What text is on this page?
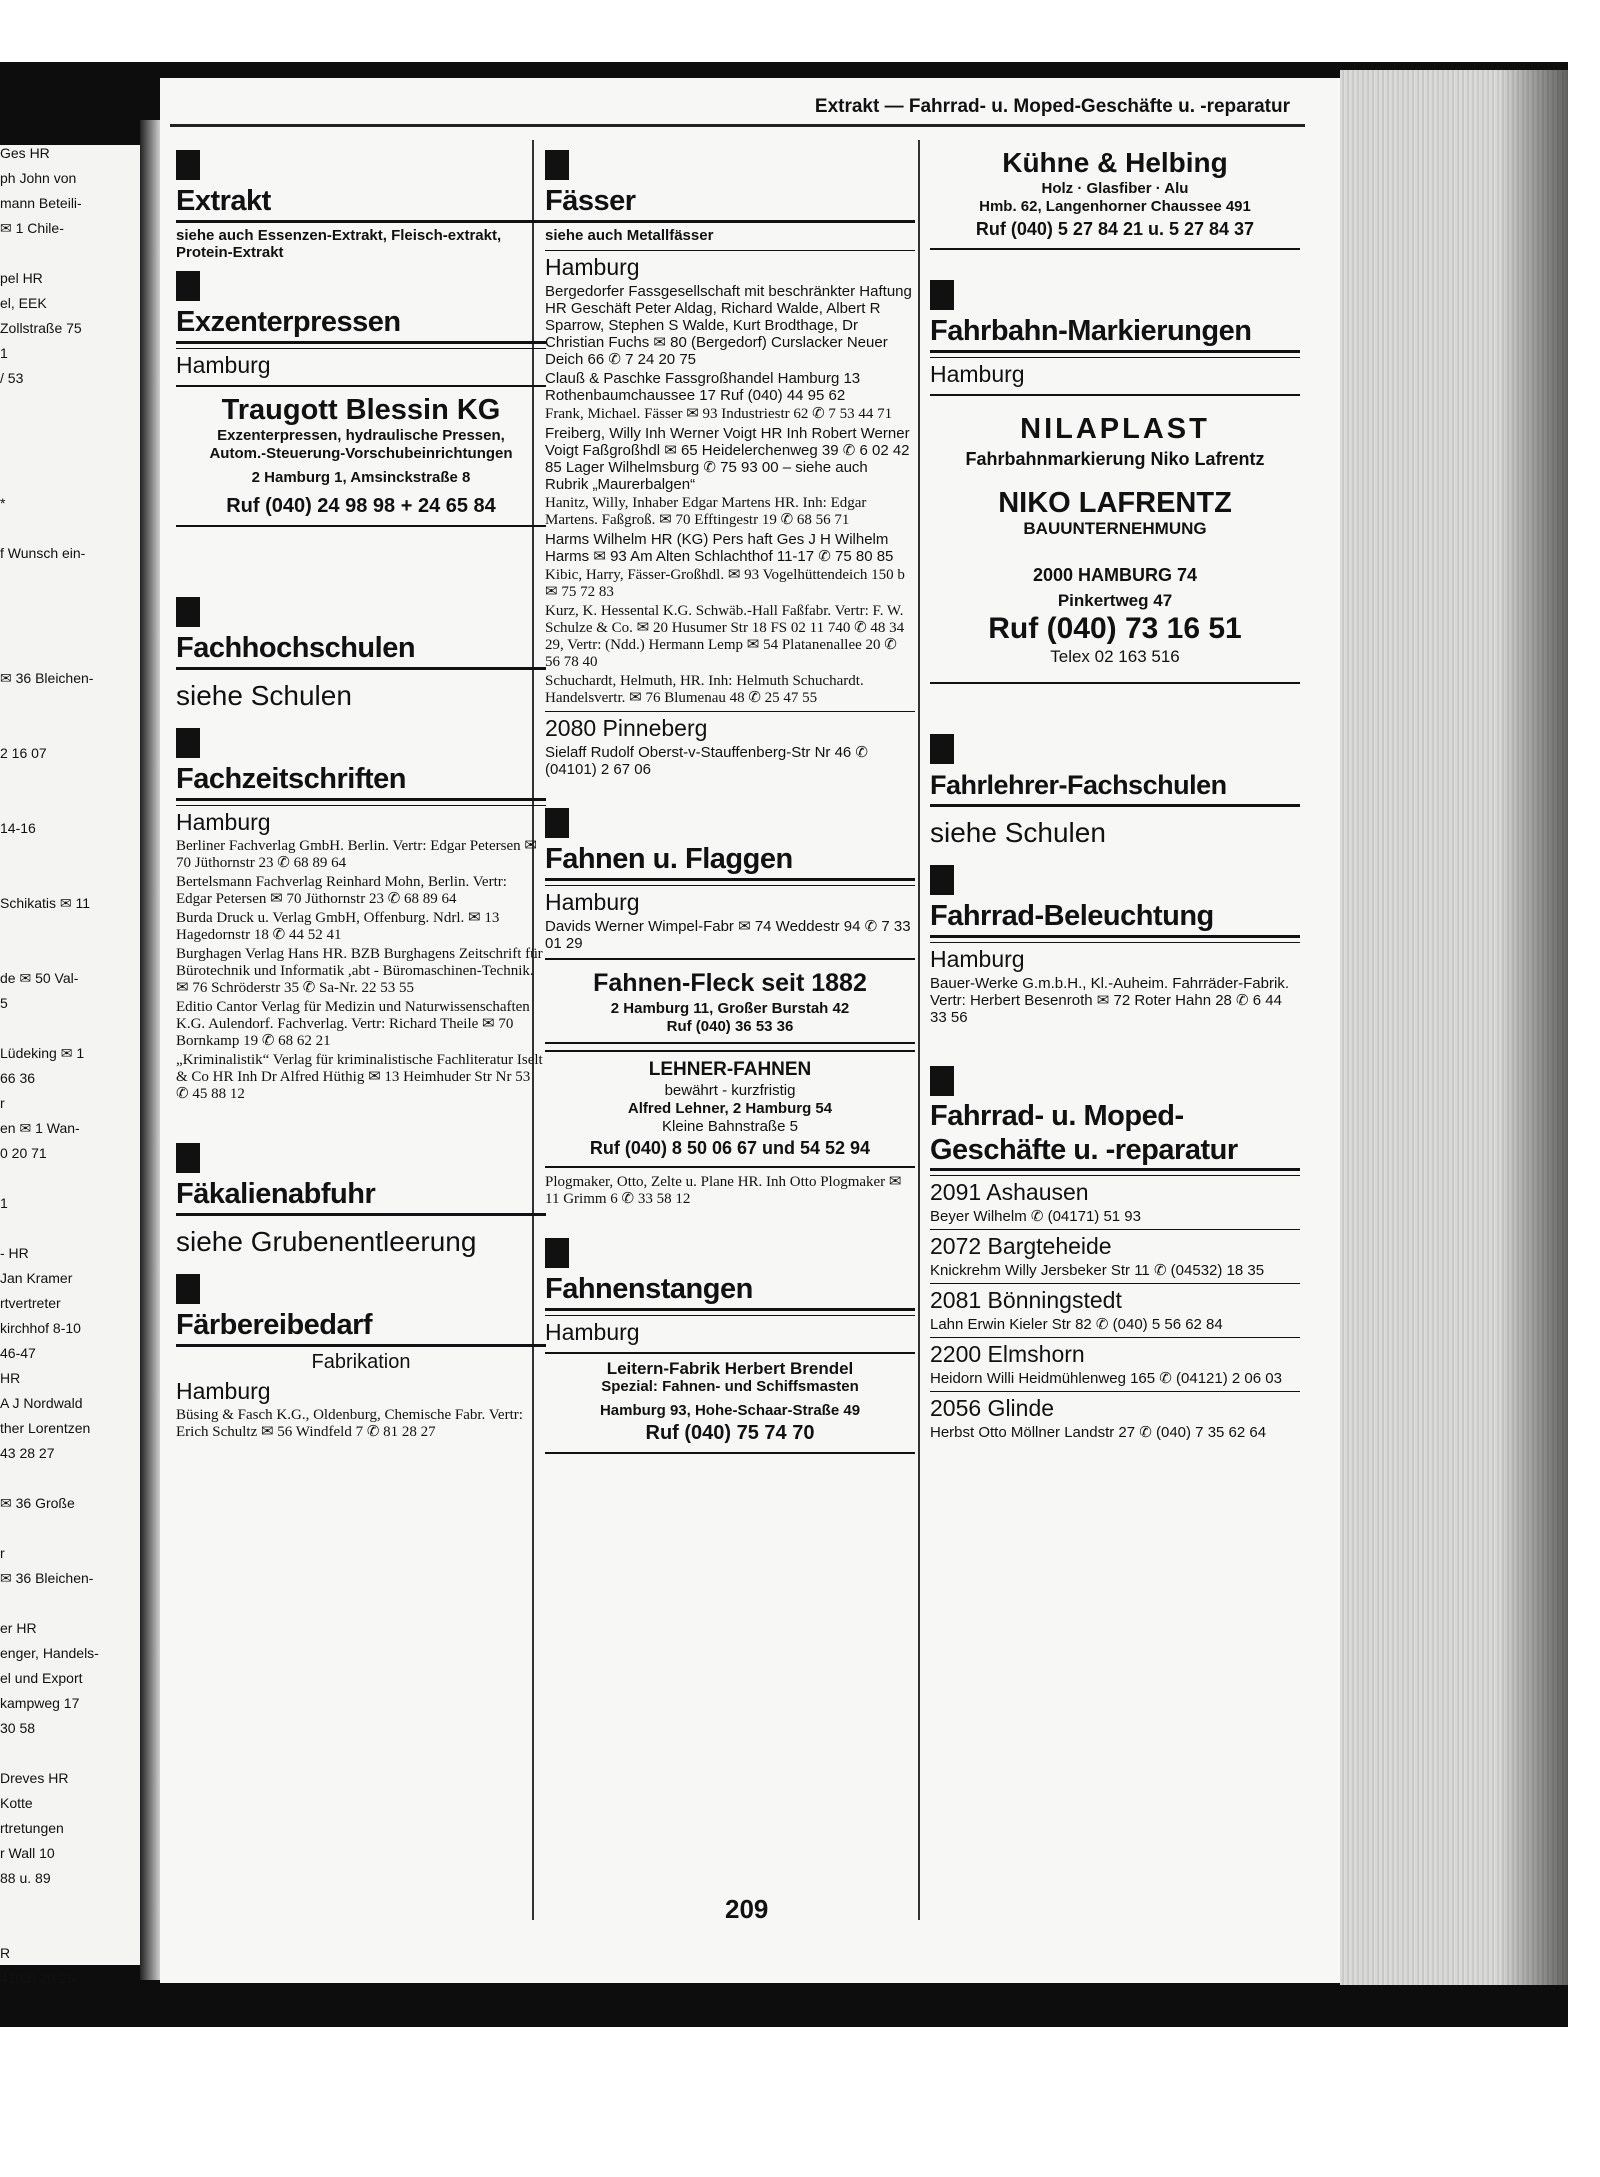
Ges HR
ph John von
mann Beteili-
✉ 1 Chile-
pel HR
el, EEK
Zollstraße 75
1
/ 53
*
f Wunsch ein-
✉ 36 Bleichen-
2 16 07
14-16
Schikatis ✉ 11
de ✉ 50 Val-
5
Lüdeking ✉ 1
66 36
r
en ✉ 1 Wan-
0 20 71
1
- HR
Jan Kramer
rtvertreter
kirchhof 8-10
46-47
HR
A J Nordwald
ther Lorentzen
43 28 27
✉ 36 Große
r
✉ 36 Bleichen-
er HR
enger, Handels-
el und Export
kampweg 17
30 58
Dreves HR
Kotte
rtretungen
r Wall 10
88 u. 89
R
4103) 20 25
Extrakt — Fahrrad- u. Moped-Geschäfte u. -reparatur
Extrakt
siehe auch Essenzen-Extrakt, Fleisch-extrakt, Protein-Extrakt
Exzenterpressen
Hamburg
Traugott Blessin KG
Exzenterpressen, hydraulische Pressen,
Autom.-Steuerung-Vorschubeinrichtungen
2 Hamburg 1, Amsinckstraße 8
Ruf (040) 24 98 98 + 24 65 84
Fachhochschulen
siehe Schulen
Fachzeitschriften
Hamburg
Berliner Fachverlag GmbH. Berlin. Vertr: Edgar Petersen ✉ 70 Jüthornstr 23 ✆ 68 89 64
Bertelsmann Fachverlag Reinhard Mohn, Berlin. Vertr: Edgar Petersen ✉ 70 Jüthornstr 23 ✆ 68 89 64
Burda Druck u. Verlag GmbH, Offenburg. Ndrl. ✉ 13 Hagedornstr 18 ✆ 44 52 41
Burghagen Verlag Hans HR. BZB Burghagens Zeitschrift für Bürotechnik und Informatik ,abt - Büromaschinen-Technik. ✉ 76 Schröderstr 35 ✆ Sa-Nr. 22 53 55
Editio Cantor Verlag für Medizin und Naturwissenschaften K.G. Aulendorf. Fachverlag. Vertr: Richard Theile ✉ 70 Bornkamp 19 ✆ 68 62 21
„Kriminalistik“ Verlag für kriminalistische Fachliteratur Iselt & Co HR Inh Dr Alfred Hüthig ✉ 13 Heimhuder Str Nr 53 ✆ 45 88 12
Fäkalienabfuhr
siehe Grubenentleerung
Färbereibedarf
Fabrikation
Hamburg
Büsing & Fasch K.G., Oldenburg, Chemische Fabr. Vertr: Erich Schultz ✉ 56 Windfeld 7 ✆ 81 28 27
Fässer
siehe auch Metallfässer
Hamburg
Bergedorfer Fassgesellschaft mit beschränkter Haftung HR Geschäft Peter Aldag, Richard Walde, Albert R Sparrow, Stephen S Walde, Kurt Brodthage, Dr Christian Fuchs ✉ 80 (Bergedorf) Curslacker Neuer Deich 66 ✆ 7 24 20 75
Clauß & Paschke Fassgroßhandel Hamburg 13 Rothenbaumchaussee 17 Ruf (040) 44 95 62
Frank, Michael. Fässer ✉ 93 Industriestr 62 ✆ 7 53 44 71
Freiberg, Willy Inh Werner Voigt HR Inh Robert Werner Voigt Faßgroßhdl ✉ 65 Heidelerchenweg 39 ✆ 6 02 42 85 Lager Wilhelmsburg ✆ 75 93 00 – siehe auch Rubrik „Maurerbalgen“
Hanitz, Willy, Inhaber Edgar Martens HR. Inh: Edgar Martens. Faßgroß. ✉ 70 Efftingestr 19 ✆ 68 56 71
Harms Wilhelm HR (KG) Pers haft Ges J H Wilhelm Harms ✉ 93 Am Alten Schlachthof 11-17 ✆ 75 80 85
Kibic, Harry, Fässer-Großhdl. ✉ 93 Vogelhüttendeich 150 b ✉ 75 72 83
Kurz, K. Hessental K.G. Schwäb.-Hall Faßfabr. Vertr: F. W. Schulze & Co. ✉ 20 Husumer Str 18 FS 02 11 740 ✆ 48 34 29, Vertr: (Ndd.) Hermann Lemp ✉ 54 Platanenallee 20 ✆ 56 78 40
Schuchardt, Helmuth, HR. Inh: Helmuth Schuchardt. Handelsvertr. ✉ 76 Blumenau 48 ✆ 25 47 55
2080 Pinneberg
Sielaff Rudolf Oberst-v-Stauffenberg-Str Nr 46 ✆ (04101) 2 67 06
Fahnen u. Flaggen
Hamburg
Davids Werner Wimpel-Fabr ✉ 74 Weddestr 94 ✆ 7 33 01 29
Fahnen-Fleck seit 1882
2 Hamburg 11, Großer Burstah 42
Ruf (040) 36 53 36
LEHNER-FAHNEN
bewährt - kurzfristig
Alfred Lehner, 2 Hamburg 54
Kleine Bahnstraße 5
Ruf (040) 8 50 06 67 und 54 52 94
Plogmaker, Otto, Zelte u. Plane HR. Inh Otto Plogmaker ✉ 11 Grimm 6 ✆ 33 58 12
Fahnenstangen
Hamburg
Leitern-Fabrik Herbert Brendel
Spezial: Fahnen- und Schiffsmasten
Hamburg 93, Hohe-Schaar-Straße 49
Ruf (040) 75 74 70
Kühne & Helbing
Holz · Glasfiber · Alu
Hmb. 62, Langenhorner Chaussee 491
Ruf (040) 5 27 84 21 u. 5 27 84 37
Fahrbahn-Markierungen
Hamburg
NILAPLAST
Fahrbahnmarkierung Niko Lafrentz
NIKO LAFRENTZ
BAUUNTERNEHMUNG
2000 HAMBURG 74
Pinkertweg 47
Ruf (040) 73 16 51
Telex 02 163 516
Fahrlehrer-Fachschulen
siehe Schulen
Fahrrad-Beleuchtung
Hamburg
Bauer-Werke G.m.b.H., Kl.-Auheim. Fahrräder-Fabrik. Vertr: Herbert Besenroth ✉ 72 Roter Hahn 28 ✆ 6 44 33 56
Fahrrad- u. Moped-
Geschäfte u. -reparatur
2091 Ashausen
Beyer Wilhelm ✆ (04171) 51 93
2072 Bargteheide
Knickrehm Willy Jersbeker Str 11 ✆ (04532) 18 35
2081 Bönningstedt
Lahn Erwin Kieler Str 82 ✆ (040) 5 56 62 84
2200 Elmshorn
Heidorn Willi Heidmühlenweg 165 ✆ (04121) 2 06 03
2056 Glinde
Herbst Otto Möllner Landstr 27 ✆ (040) 7 35 62 64
209
